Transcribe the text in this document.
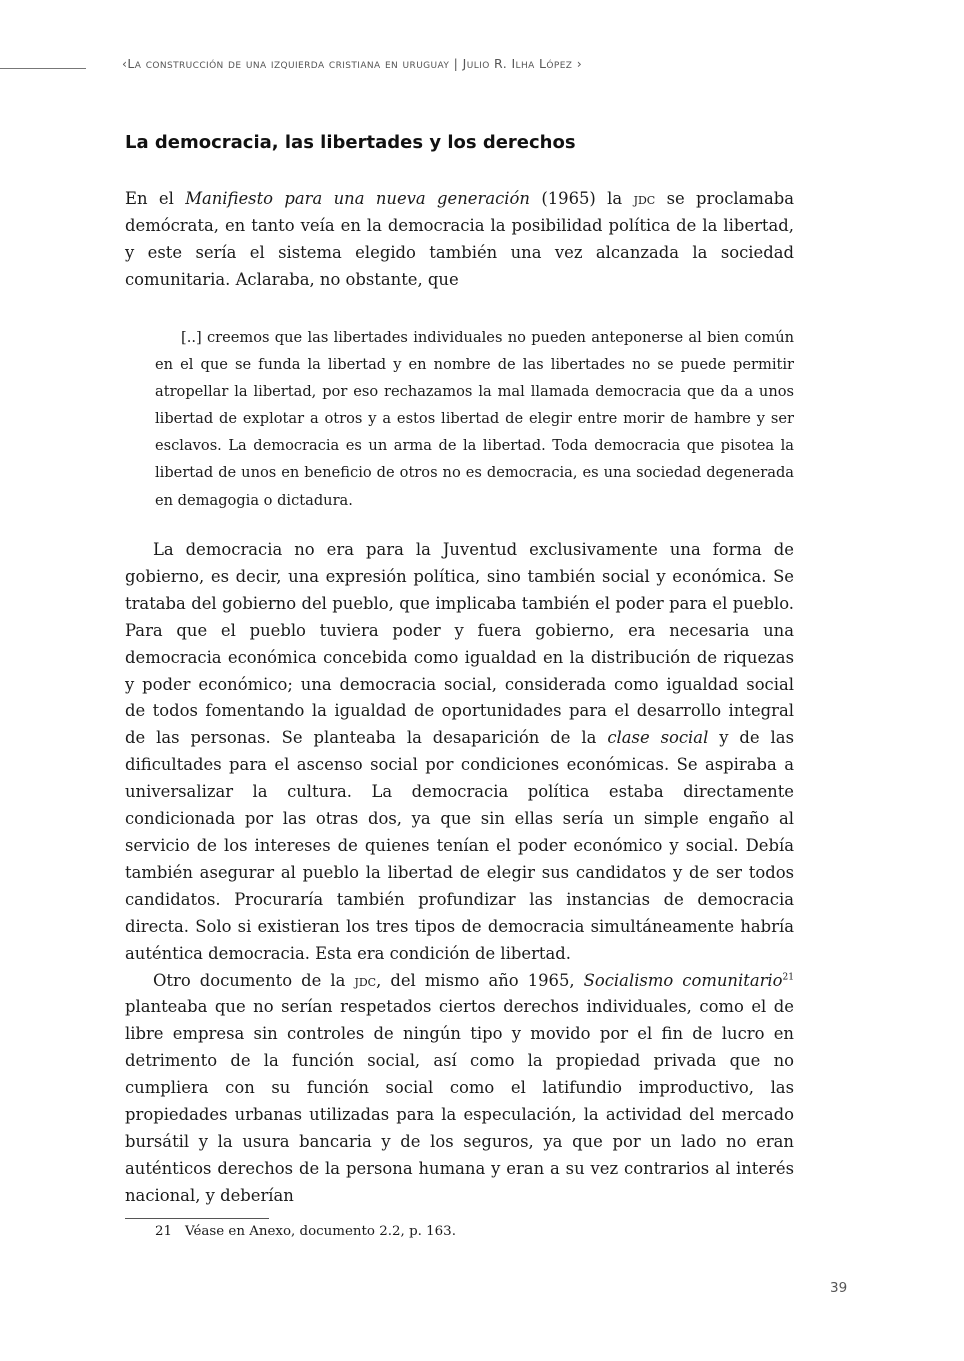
‹La construcción de una izquierda cristiana en uruguay | Julio R. Ilha López ›
La democracia, las libertades y los derechos

En el Manifiesto para una nueva generación (1965) la jdc se proclamaba demócrata, en tanto veía en la democracia la posibilidad política de la libertad, y este sería el sistema elegido también una vez alcanzada la sociedad comunitaria. Aclaraba, no obstante, que

[..] creemos que las libertades individuales no pueden anteponerse al bien común en el que se funda la libertad y en nombre de las libertades no se puede permitir atropellar la libertad, por eso rechazamos la mal llamada democracia que da a unos libertad de explotar a otros y a estos libertad de elegir entre morir de hambre y ser esclavos. La democracia es un arma de la libertad. Toda democracia que pisotea la libertad de unos en beneficio de otros no es democracia, es una sociedad degenerada en demagogia o dictadura.

La democracia no era para la Juventud exclusivamente una forma de gobierno, es decir, una expresión política, sino también social y económica. Se trataba del gobierno del pueblo, que implicaba también el poder para el pueblo. Para que el pueblo tuviera poder y fuera gobierno, era necesaria una democracia económica concebida como igualdad en la distribución de riquezas y poder económico; una democracia social, considerada como igualdad social de todos fomentando la igualdad de oportunidades para el desarrollo integral de las personas. Se planteaba la desaparición de la clase social y de las dificultades para el ascenso social por condiciones económicas. Se aspiraba a universalizar la cultura. La democracia política estaba directamente condicionada por las otras dos, ya que sin ellas sería un simple engaño al servicio de los intereses de quienes tenían el poder económico y social. Debía también asegurar al pueblo la libertad de elegir sus candidatos y de ser todos candidatos. Procuraría también profundizar las instancias de democracia directa. Solo si existieran los tres tipos de democracia simultáneamente habría auténtica democracia. Esta era condición de libertad.

Otro documento de la jdc, del mismo año 1965, Socialismo comunitario$^{21}$ planteaba que no serían respetados ciertos derechos individuales, como el de libre empresa sin controles de ningún tipo y movido por el fin de lucro en detrimento de la función social, así como la propiedad privada que no cumpliera con su función social como el latifundio improductivo, las propiedades urbanas utilizadas para la especulación, la actividad del mercado bursátil y la usura bancaria y de los seguros, ya que por un lado no eran auténticos derechos de la persona humana y eran a su vez contrarios al interés nacional, y deberían

21 Véase en Anexo, documento 2.2, p. 163.
39
